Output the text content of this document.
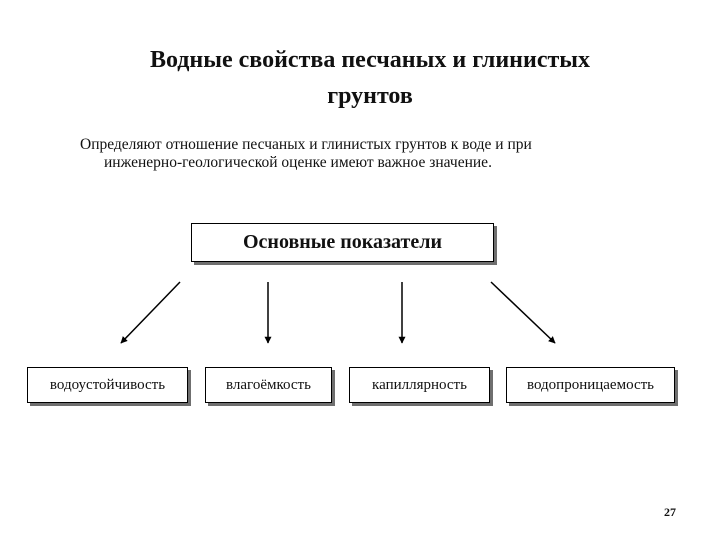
Водные свойства песчаных и глинистых
грунтов
Определяют отношение песчаных и глинистых грунтов к воде и при
инженерно-геологической оценке имеют важное значение.
Основные показатели
водоустойчивость	влагоёмкость	капиллярность	водопроницаемость
27
